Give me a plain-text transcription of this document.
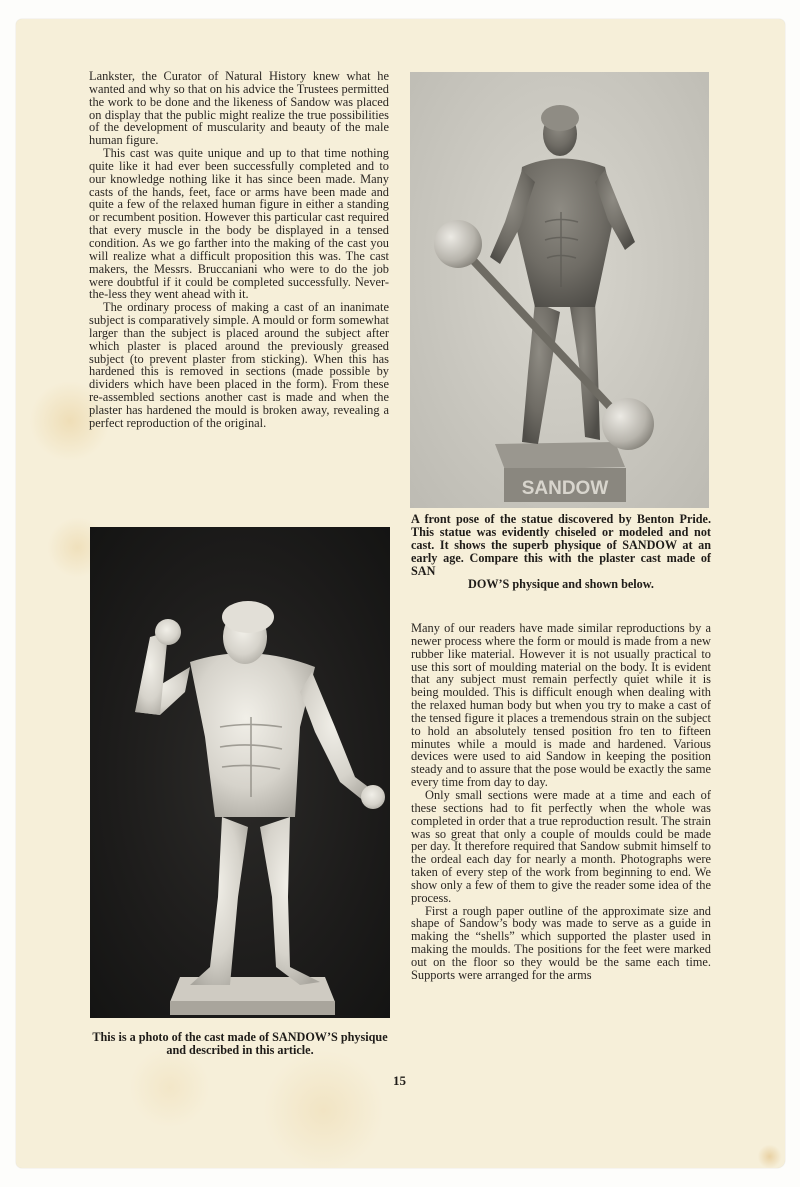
Lankster, the Curator of Natural History knew what he wanted and why so that on his advice the Trustees permitted the work to be done and the likeness of Sandow was placed on display that the public might realize the true possibilities of the development of muscularity and beauty of the male human figure.

This cast was quite unique and up to that time nothing quite like it had ever been successfully completed and to our knowledge nothing like it has since been made. Many casts of the hands, feet, face or arms have been made and quite a few of the relaxed human figure in either a standing or recumbent position. However this particular cast required that every muscle in the body be displayed in a tensed condition. As we go farther into the making of the cast you will realize what a difficult proposition this was. The cast makers, the Messrs. Bruccaniani who were to do the job were doubtful if it could be completed successfully. Never-the-less they went ahead with it.

The ordinary process of making a cast of an inanimate subject is comparatively simple. A mould or form somewhat larger than the subject is placed around the subject after which plaster is placed around the previously greased subject (to prevent plaster from sticking). When this has hardened this is removed in sections (made possible by dividers which have been placed in the form). From these re-assembled sections another cast is made and when the plaster has hardened the mould is broken away, revealing a perfect reproduction of the original.

SANDOW
A front pose of the statue discovered by Benton Pride. This statue was evidently chiseled or modeled and not cast. It shows the superb physique of SANDOW at an early age. Compare this with the plaster cast made of SAN
DOW’S physique and shown below.
This is a photo of the cast made of SANDOW’S physique and described in this article.

Many of our readers have made similar reproductions by a newer process where the form or mould is made from a new rubber like material. However it is not usually practical to use this sort of moulding material on the body. It is evident that any subject must remain perfectly quiet while it is being moulded. This is difficult enough when dealing with the relaxed human body but when you try to make a cast of the tensed figure it places a tremendous strain on the subject to hold an absolutely tensed position fro ten to fifteen minutes while a mould is made and hardened. Various devices were used to aid Sandow in keeping the position steady and to assure that the pose would be exactly the same every time from day to day.

Only small sections were made at a time and each of these sections had to fit perfectly when the whole was completed in order that a true reproduction result. The strain was so great that only a couple of moulds could be made per day. It therefore required that Sandow submit himself to the ordeal each day for nearly a month. Photographs were taken of every step of the work from beginning to end. We show only a few of them to give the reader some idea of the process.

First a rough paper outline of the approximate size and shape of Sandow’s body was made to serve as a guide in making the “shells” which supported the plaster used in making the moulds. The positions for the feet were marked out on the floor so they would be the same each time. Supports were arranged for the arms

15
